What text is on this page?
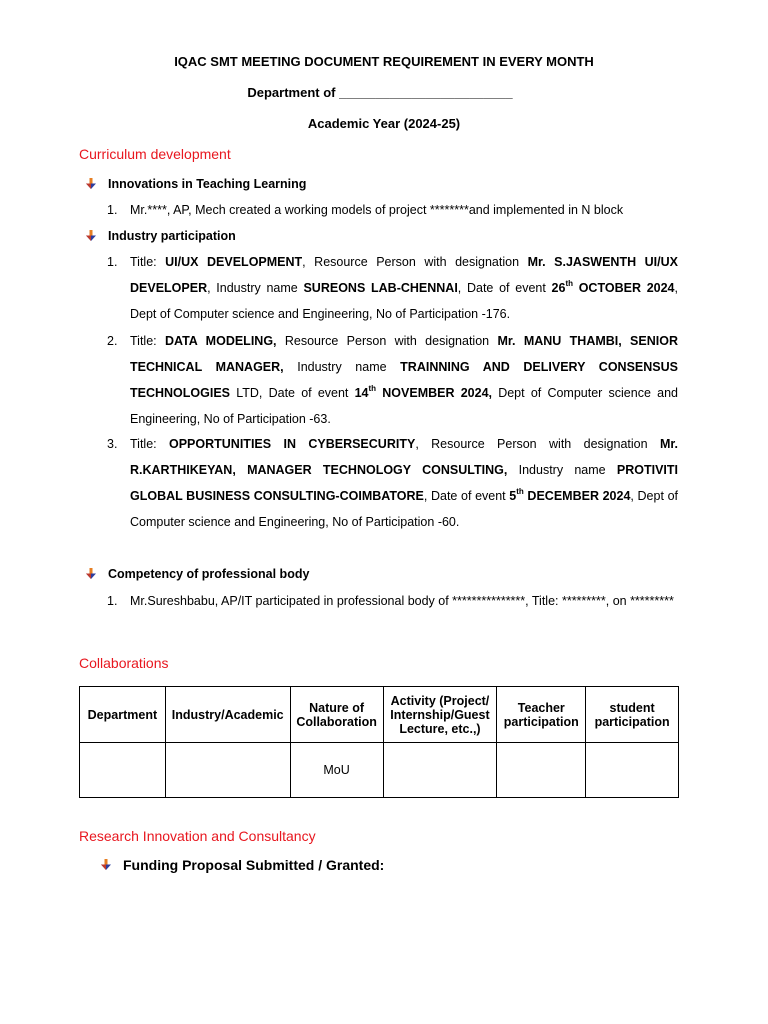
IQAC SMT MEETING DOCUMENT REQUIREMENT IN EVERY MONTH
Department of ________________________
Academic Year (2024-25)
Curriculum development
Innovations in Teaching Learning
1. Mr.****, AP, Mech created a working models of project ********and implemented in N block
Industry participation
1. Title: UI/UX DEVELOPMENT, Resource Person with designation Mr. S.JASWENTH UI/UX DEVELOPER, Industry name SUREONS LAB-CHENNAI, Date of event 26th OCTOBER 2024, Dept of Computer science and Engineering, No of Participation -176.
2. Title: DATA MODELING, Resource Person with designation Mr. MANU THAMBI, SENIOR TECHNICAL MANAGER, Industry name TRAINNING AND DELIVERY CONSENSUS TECHNOLOGIES LTD, Date of event 14th NOVEMBER 2024, Dept of Computer science and Engineering, No of Participation -63.
3. Title: OPPORTUNITIES IN CYBERSECURITY, Resource Person with designation Mr. R.KARTHIKEYAN, MANAGER TECHNOLOGY CONSULTING, Industry name PROTIVITI GLOBAL BUSINESS CONSULTING-COIMBATORE, Date of event 5th DECEMBER 2024, Dept of Computer science and Engineering, No of Participation -60.
Competency of professional body
1. Mr.Sureshbabu, AP/IT participated in professional body of ***************, Title: *********, on *********
Collaborations
Department	Industry/Academic	Nature of Collaboration	Activity (Project/ Internship/Guest Lecture, etc.,)	Teacher participation	student participation
		MoU			
Research Innovation and Consultancy
Funding Proposal Submitted / Granted:
